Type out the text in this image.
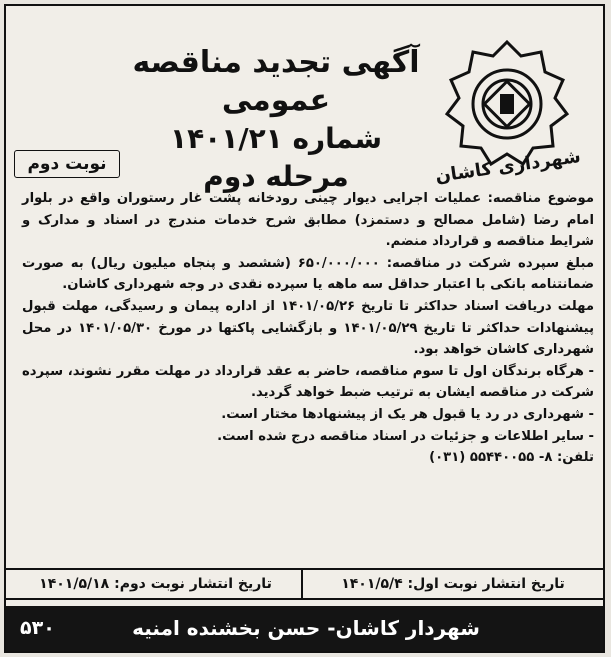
آگهی تجدید مناقصه عمومی
شماره ۱۴۰۱/۲۱
مرحله دوم	شهرداری کاشان
نوبت دوم

موضوع مناقصه: عملیات اجرایی دیوار چینی رودخانه پشت غار رستوران واقع در بلوار امام رضا (شامل مصالح و دستمزد) مطابق شرح خدمات مندرج در اسناد و مدارک و شرایط مناقصه و قرارداد منضم.

مبلغ سپرده شرکت در مناقصه: ۶۵۰/۰۰۰/۰۰۰ (ششصد و پنجاه میلیون ریال) به صورت ضمانتنامه بانکی با اعتبار حداقل سه ماهه یا سپرده نقدی در وجه شهرداری کاشان.

مهلت دریافت اسناد حداکثر تا تاریخ ۱۴۰۱/۰۵/۲۶ از اداره پیمان و رسیدگی، مهلت قبول پیشنهادات حداکثر تا تاریخ ۱۴۰۱/۰۵/۲۹ و بازگشایی پاکتها در مورخ ۱۴۰۱/۰۵/۳۰ در محل شهرداری کاشان خواهد بود.

- هرگاه برندگان اول تا سوم مناقصه، حاضر به عقد قرارداد در مهلت مقرر نشوند، سپرده شرکت در مناقصه ایشان به ترتیب ضبط خواهد گردید.

- شهرداری در رد یا قبول هر یک از پیشنهادها مختار است.

- سایر اطلاعات و جزئیات در اسناد مناقصه درج شده است.

تلفن: ۸- ۵۵۴۴۰۰۵۵ (۰۳۱)

تاریخ انتشار نوبت اول: ۱۴۰۱/۵/۴
تاریخ انتشار نوبت دوم: ۱۴۰۱/۵/۱۸
شهردار کاشان- حسن بخشنده امنیه
۵۳۰
